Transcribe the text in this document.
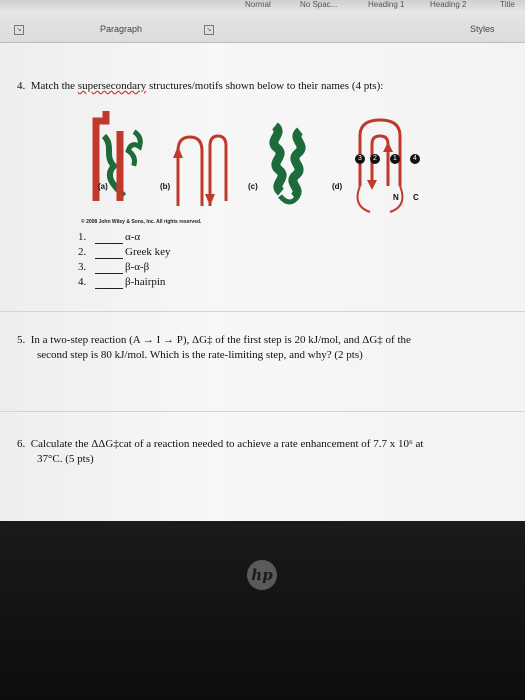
Normal	No Spac...	Heading 1	Heading 2	Title
↘	Paragraph	↘	Styles
4. Match the supersecondary structures/motifs shown below to their names (4 pts):
3	2	1	4
N C
(a)	(b)	(c)	(d)
© 2008 John Wiley & Sons, Inc. All rights reserved.
1.	α-α
2.	Greek key
3.	β-α-β
4.	β-hairpin
5. In a two-step reaction (A → I → P), ΔG‡ of the first step is 20 kJ/mol, and ΔG‡ of the
second step is 80 kJ/mol. Which is the rate-limiting step, and why? (2 pts)
6. Calculate the ΔΔG‡cat of a reaction needed to achieve a rate enhancement of 7.7 x 10⁶ at
37°C. (5 pts)
hp
